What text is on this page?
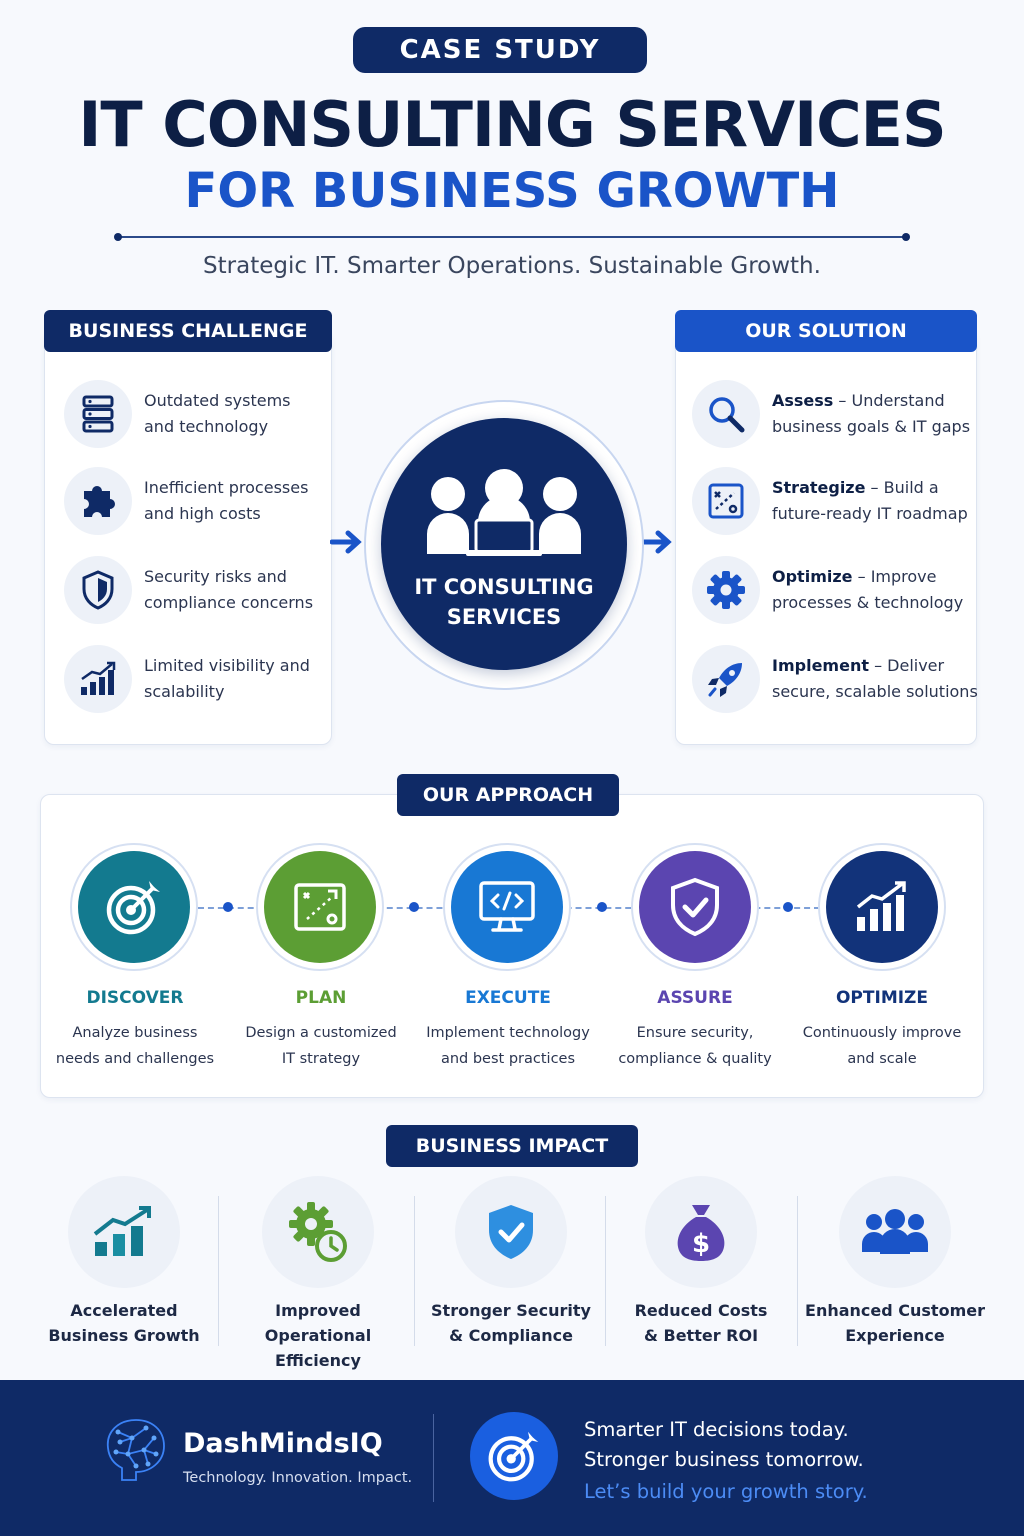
CASE STUDY
IT CONSULTING SERVICES
FOR BUSINESS GROWTH
Strategic IT. Smarter Operations. Sustainable Growth.
BUSINESS CHALLENGE
Outdated systems
and technology
Inefficient processes
and high costs
Security risks and
compliance concerns
Limited visibility and
scalability
IT CONSULTING
SERVICES
OUR SOLUTION
Assess – Understand
business goals & IT gaps
Strategize – Build a
future-ready IT roadmap
Optimize – Improve
processes & technology
Implement – Deliver
secure, scalable solutions
OUR APPROACH
DISCOVER	PLAN	EXECUTE	ASSURE	OPTIMIZE
Analyze business
needs and challenges
Design a customized
IT strategy
Implement technology
and best practices
Ensure security,
compliance & quality
Continuously improve
and scale
BUSINESS IMPACT
$
Accelerated
Business Growth
Improved
Operational Efficiency
Stronger Security
& Compliance
Reduced Costs
& Better ROI
Enhanced Customer
Experience
DashMindsIQ
Technology. Innovation. Impact.
Smarter IT decisions today.
Stronger business tomorrow.
Let’s build your growth story.
